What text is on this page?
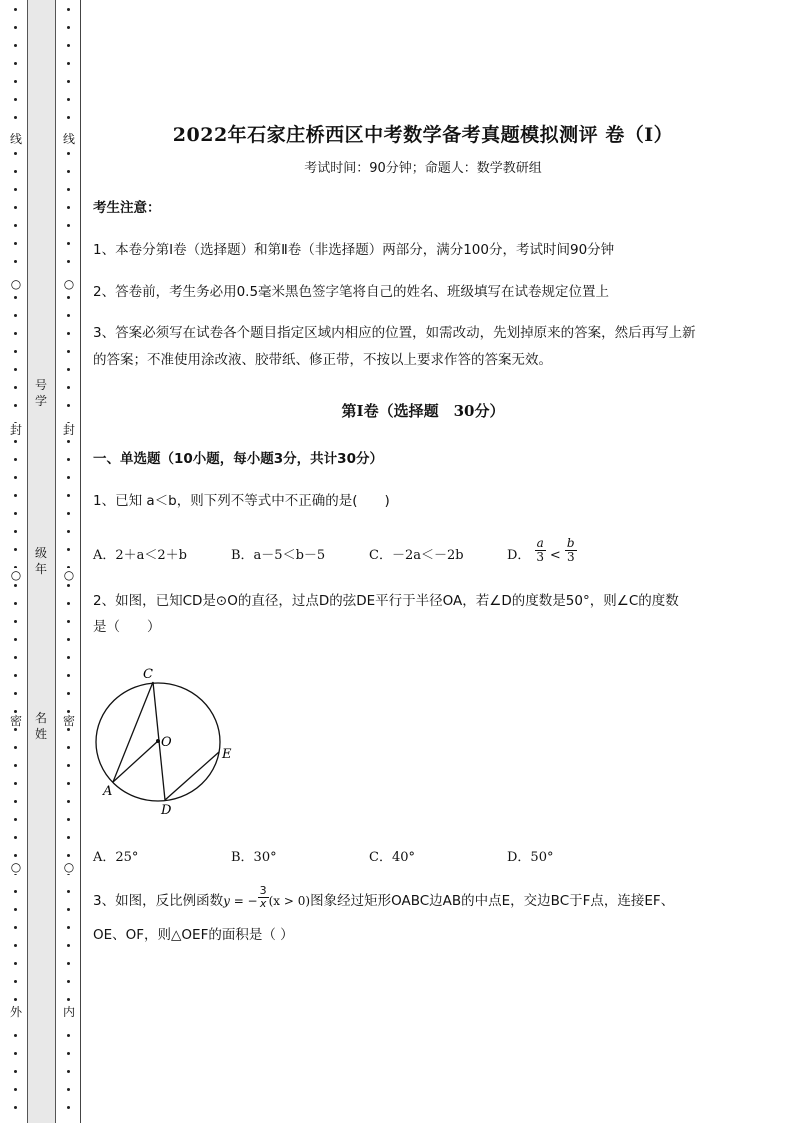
线
○
封
○
密
○
外
线
○
封
○
密
○
内
号
学
级
年
名
姓
2022年石家庄桥西区中考数学备考真题模拟测评 卷（Ⅰ）
考试时间：90分钟；命题人：数学教研组
考生注意：
1、本卷分第Ⅰ卷（选择题）和第Ⅱ卷（非选择题）两部分，满分100分，考试时间90分钟
2、答卷前，考生务必用0.5毫米黑色签字笔将自己的姓名、班级填写在试卷规定位置上
3、答案必须写在试卷各个题目指定区域内相应的位置，如需改动，先划掉原来的答案，然后再写上新
的答案；不准使用涂改液、胶带纸、修正带，不按以上要求作答的答案无效。
第Ⅰ卷（选择题　30分）
一、单选题（10小题，每小题3分，共计30分）
1、已知 a＜b，则下列不等式中不正确的是(　　)
A．2＋a＜2＋b	B．a－5＜b－5	C．－2a＜－2b	D． $\frac{a}{3} < \frac{b}{3}$
2、如图，已知CD是⊙O的直径，过点D的弦DE平行于半径OA，若∠D的度数是50°，则∠C的度数
是（　　）
A．25°	B．30°	C．40°	D．50°
3、如图，反比例函数y = − $\frac{3}{x} (x > 0)$图象经过矩形OABC边AB的中点E，交边BC于F点，连接EF、
OE、OF，则△OEF的面积是（ ）
C
O
E
A
D
